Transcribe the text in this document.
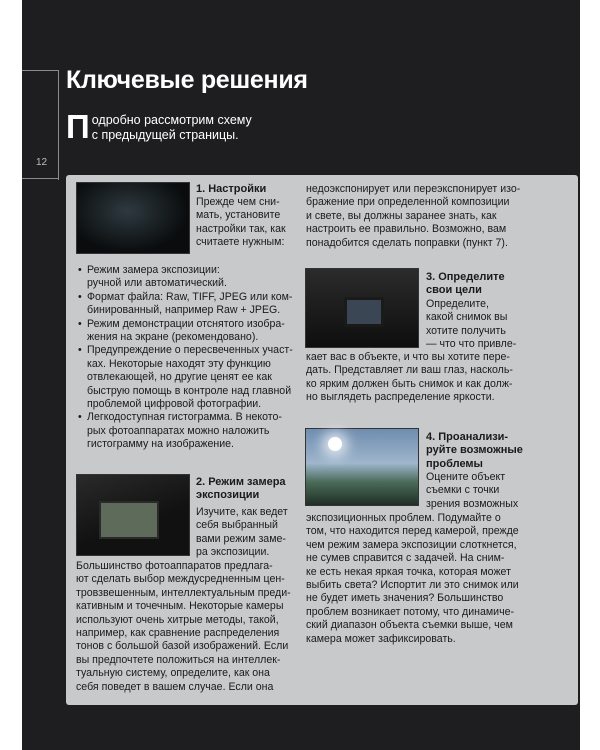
12
Ключевые решения
П одробно рассмотрим схему
с предыдущей страницы.

1. Настройки

Прежде чем сни-
мать, установите
настройки так, как
считаете нужным:

• Режим замера экспозиции:
ручной или автоматический.
• Формат файла: Raw, TIFF, JPEG или ком-
бинированный, например Raw + JPEG.
• Режим демонстрации отснятого изобра-
жения на экране (рекомендовано).
• Предупреждение о пересвеченных участ-
ках. Некоторые находят эту функцию
отвлекающей, но другие ценят ее как
быструю помощь в контроле над главной
проблемой цифровой фотографии.
• Легкодоступная гистограмма. В некото-
рых фотоаппаратах можно наложить
гистограмму на изображение.

2. Режим замера
экспозиции

Изучите, как ведет
себя выбранный
вами режим заме-
ра экспозиции.

Большинство фотоаппаратов предлага-
ют сделать выбор междусредненным цен-
тровзвешенным, интеллектуальным преди-
кативным и точечным. Некоторые камеры
используют очень хитрые методы, такой,
например, как сравнение распределения
тонов с большой базой изображений. Если
вы предпочтете положиться на интеллек-
туальную систему, определите, как она
себя поведет в вашем случае. Если она

недоэкспонирует или переэкспонирует изо-
бражение при определенной композиции
и свете, вы должны заранее знать, как
настроить ее правильно. Возможно, вам
понадобится сделать поправки (пункт 7).

3. Определите
свои цели

Определите,
какой снимок вы
хотите получить
— что что привле-

кает вас в объекте, и что вы хотите пере-
дать. Представляет ли ваш глаз, насколь-
ко ярким должен быть снимок и как долж-
но выглядеть распределение яркости.

4. Проанализи-
руйте возможные
проблемы

Оцените объект
съемки с точки
зрения возможных

экспозиционных проблем. Подумайте о
том, что находится перед камерой, прежде
чем режим замера экспозиции слоткнется,
не сумев справится с задачей. На сним-
ке есть некая яркая точка, которая может
выбить света? Испортит ли это снимок или
не будет иметь значения? Большинство
проблем возникает потому, что динамиче-
ский диапазон объекта съемки выше, чем
камера может зафиксировать.
